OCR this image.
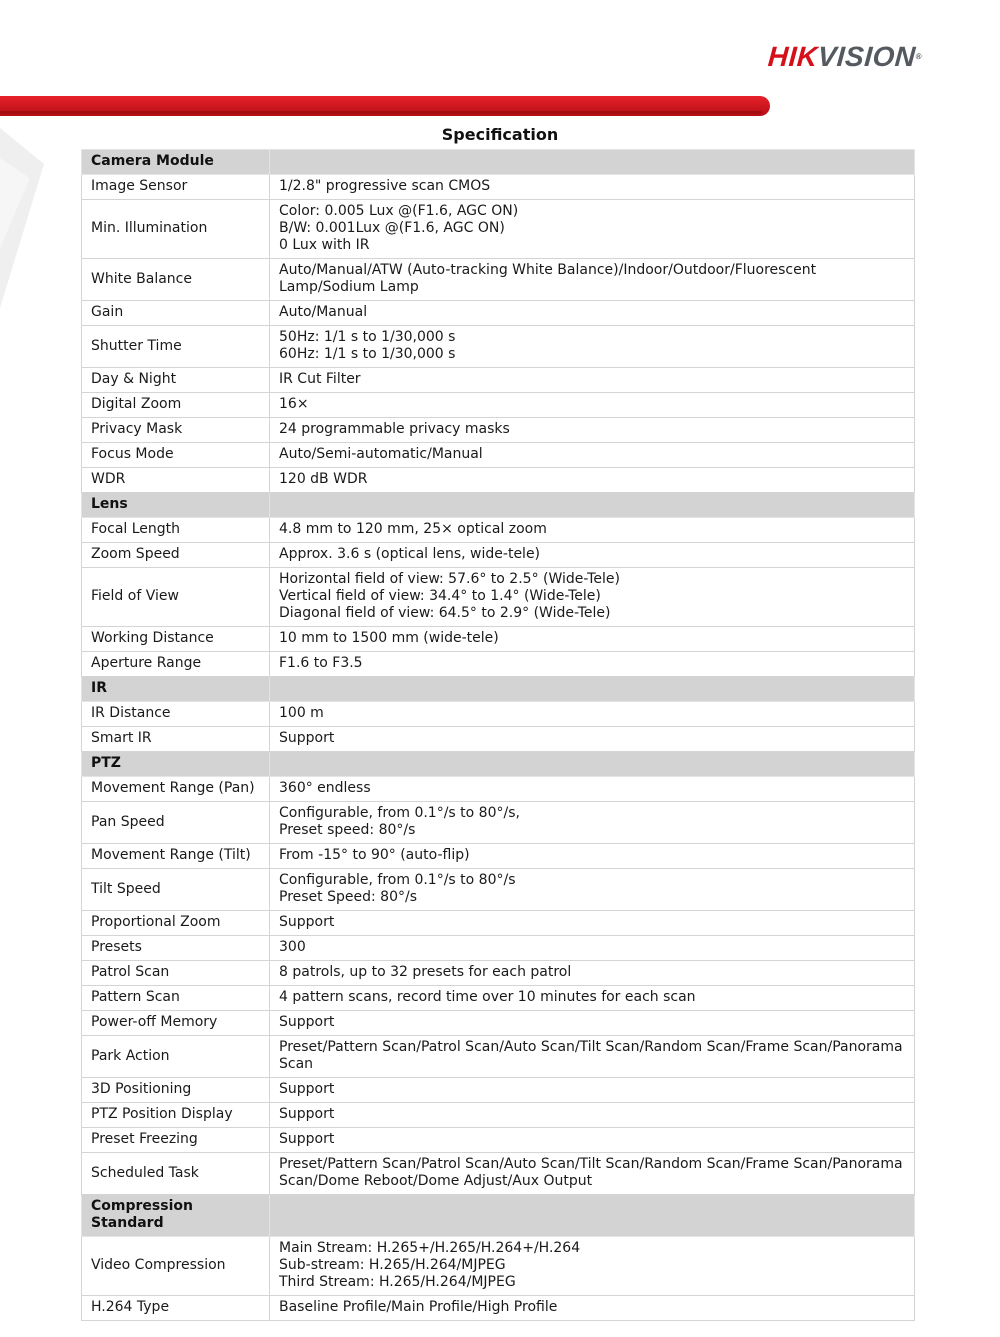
HIKVISION®
Specification
Camera Module	
Image Sensor	1/2.8" progressive scan CMOS
Min. Illumination	Color: 0.005 Lux @(F1.6, AGC ON)
B/W: 0.001Lux @(F1.6, AGC ON)
0 Lux with IR
White Balance	Auto/Manual/ATW (Auto-tracking White Balance)/Indoor/Outdoor/Fluorescent
Lamp/Sodium Lamp
Gain	Auto/Manual
Shutter Time	50Hz: 1/1 s to 1/30,000 s
60Hz: 1/1 s to 1/30,000 s
Day & Night	IR Cut Filter
Digital Zoom	16×
Privacy Mask	24 programmable privacy masks
Focus Mode	Auto/Semi-automatic/Manual
WDR	120 dB WDR
Lens	
Focal Length	4.8 mm to 120 mm, 25× optical zoom
Zoom Speed	Approx. 3.6 s (optical lens, wide-tele)
Field of View	Horizontal field of view: 57.6° to 2.5° (Wide-Tele)
Vertical field of view: 34.4° to 1.4° (Wide-Tele)
Diagonal field of view: 64.5° to 2.9° (Wide-Tele)
Working Distance	10 mm to 1500 mm (wide-tele)
Aperture Range	F1.6 to F3.5
IR	
IR Distance	100 m
Smart IR	Support
PTZ	
Movement Range (Pan)	360° endless
Pan Speed	Configurable, from 0.1°/s to 80°/s,
Preset speed: 80°/s
Movement Range (Tilt)	From -15° to 90° (auto-flip)
Tilt Speed	Configurable, from 0.1°/s to 80°/s
Preset Speed: 80°/s
Proportional Zoom	Support
Presets	300
Patrol Scan	8 patrols, up to 32 presets for each patrol
Pattern Scan	4 pattern scans, record time over 10 minutes for each scan
Power-off Memory	Support
Park Action	Preset/Pattern Scan/Patrol Scan/Auto Scan/Tilt Scan/Random Scan/Frame Scan/Panorama
Scan
3D Positioning	Support
PTZ Position Display	Support
Preset Freezing	Support
Scheduled Task	Preset/Pattern Scan/Patrol Scan/Auto Scan/Tilt Scan/Random Scan/Frame Scan/Panorama
Scan/Dome Reboot/Dome Adjust/Aux Output
Compression Standard	
Video Compression	Main Stream: H.265+/H.265/H.264+/H.264
Sub-stream: H.265/H.264/MJPEG
Third Stream: H.265/H.264/MJPEG
H.264 Type	Baseline Profile/Main Profile/High Profile
